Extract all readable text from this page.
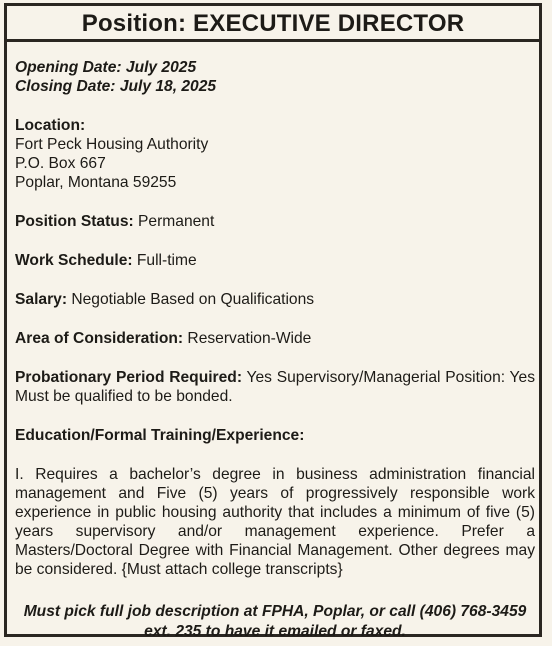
Position: EXECUTIVE DIRECTOR
Opening Date: July 2025
Closing Date: July 18, 2025
Location:
Fort Peck Housing Authority
P.O. Box 667
Poplar, Montana 59255
Position Status: Permanent
Work Schedule: Full-time
Salary: Negotiable Based on Qualifications
Area of Consideration: Reservation-Wide
Probationary Period Required: Yes Supervisory/Managerial Position: Yes Must be qualified to be bonded.
Education/Formal Training/Experience:
I. Requires a bachelor’s degree in business administration financial management and Five (5) years of progressively responsible work experience in public housing authority that includes a minimum of five (5) years supervisory and/or management experience. Prefer a Masters/Doctoral Degree with Financial Management. Other degrees may be considered. {Must attach college transcripts}
Must pick full job description at FPHA, Poplar, or call (406) 768-3459 ext. 235 to have it emailed or faxed.
